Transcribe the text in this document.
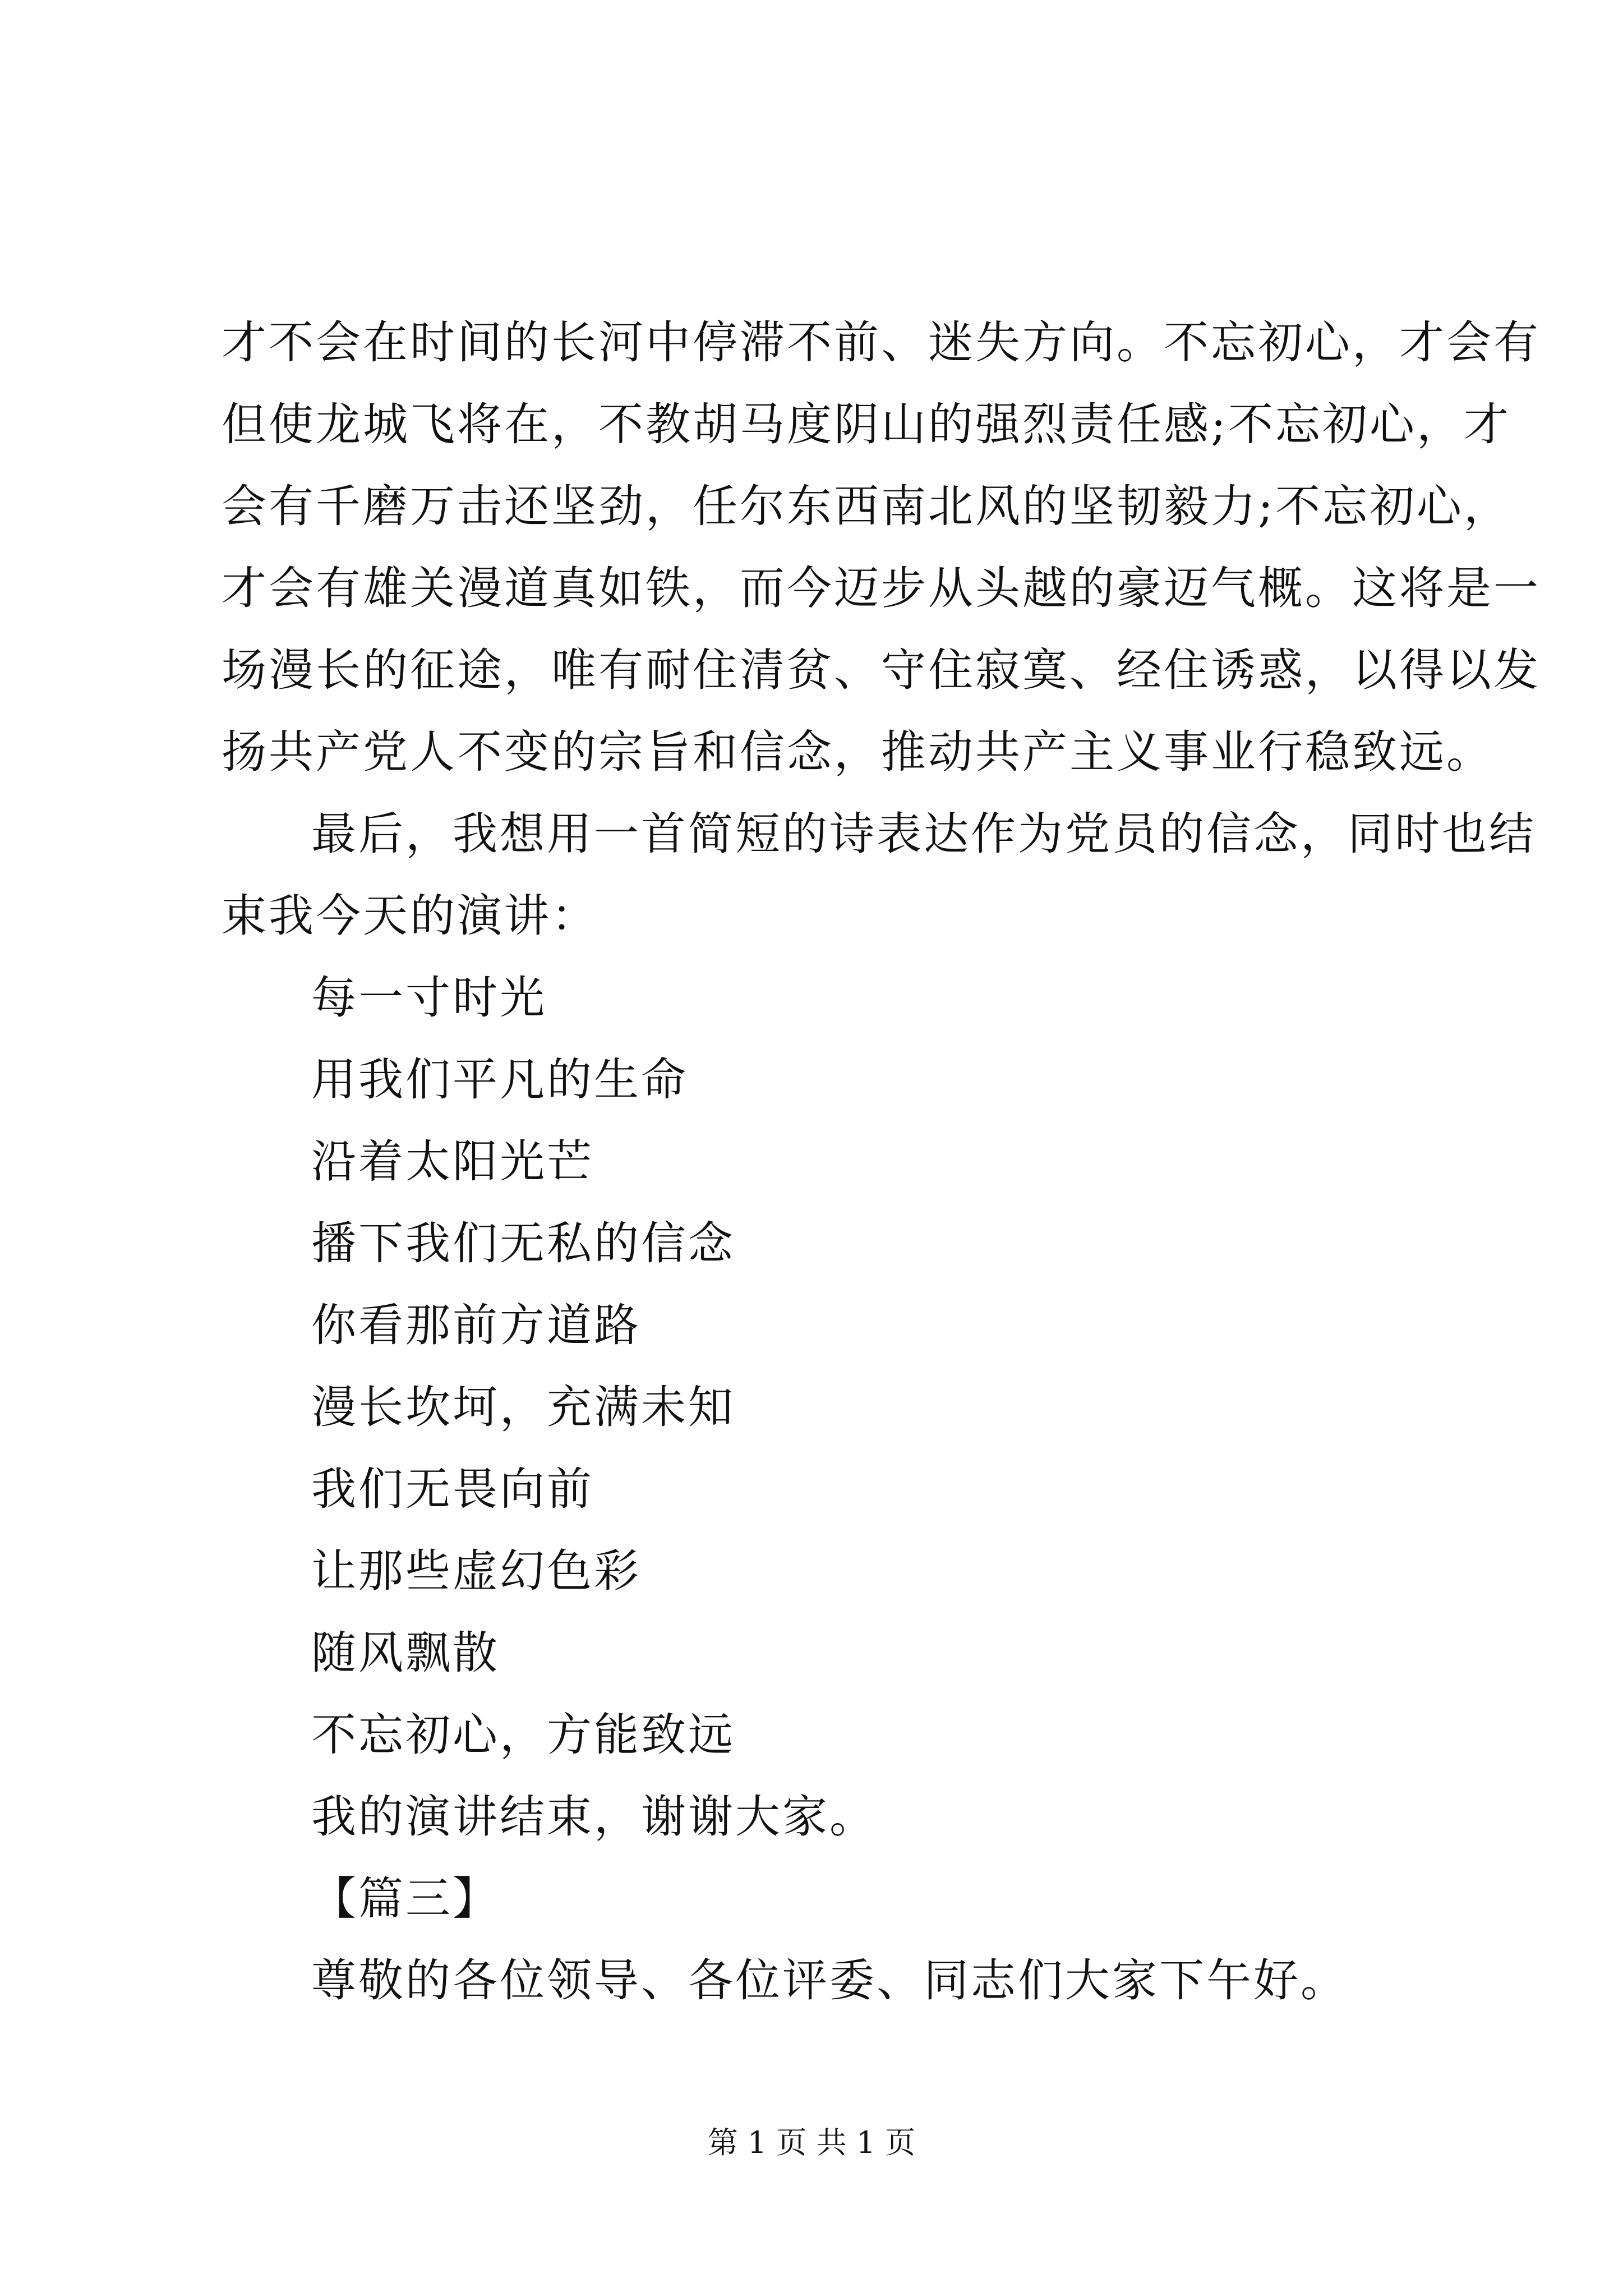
才不会在时间的长河中停滞不前、迷失方向。不忘初心，才会有
但使龙城飞将在，不教胡马度阴山的强烈责任感;不忘初心，才
会有千磨万击还坚劲，任尔东西南北风的坚韧毅力;不忘初心，
才会有雄关漫道真如铁，而今迈步从头越的豪迈气概。这将是一
场漫长的征途，唯有耐住清贫、守住寂寞、经住诱惑，以得以发
扬共产党人不变的宗旨和信念，推动共产主义事业行稳致远。
最后，我想用一首简短的诗表达作为党员的信念，同时也结
束我今天的演讲：
每一寸时光
用我们平凡的生命
沿着太阳光芒
播下我们无私的信念
你看那前方道路
漫长坎坷，充满未知
我们无畏向前
让那些虚幻色彩
随风飘散
不忘初心，方能致远
我的演讲结束，谢谢大家。
【篇三】
尊敬的各位领导、各位评委、同志们大家下午好。
第 1 页 共 1 页
